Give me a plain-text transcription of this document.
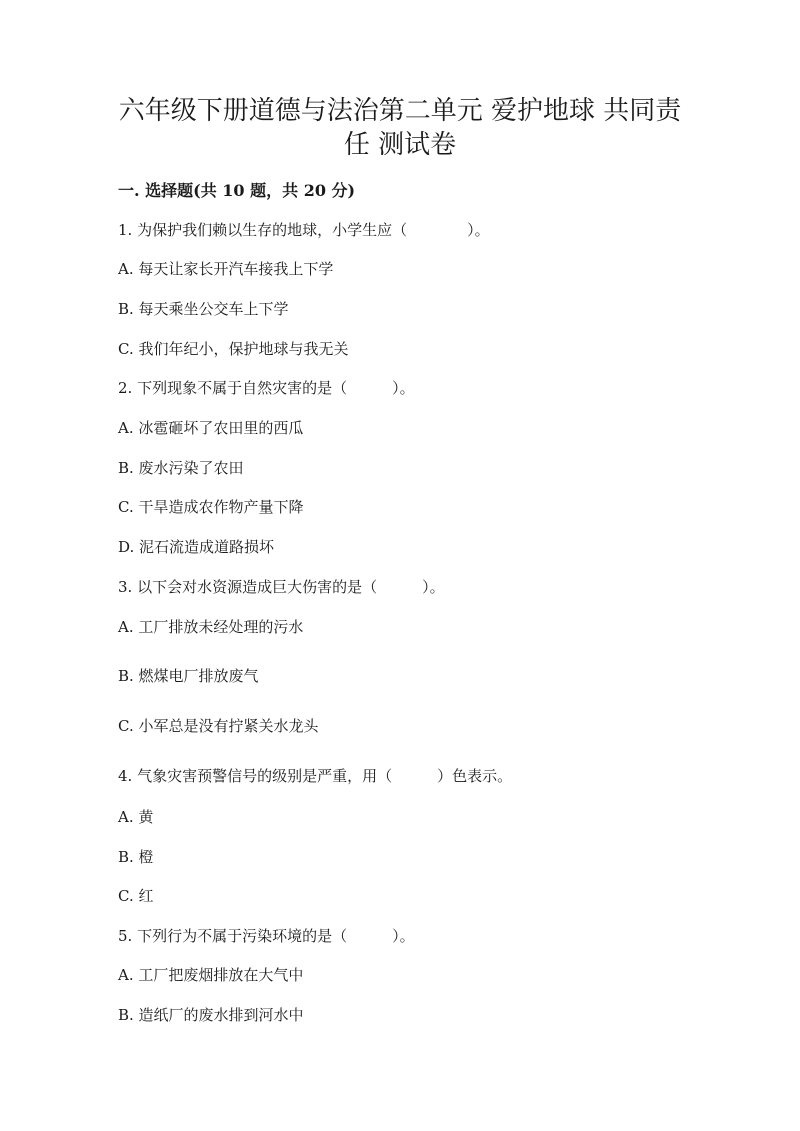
六年级下册道德与法治第二单元 爱护地球 共同责
任 测试卷
一. 选择题(共 10 题，共 20 分)
1. 为保护我们赖以生存的地球，小学生应（　　　　）。
A. 每天让家长开汽车接我上下学
B. 每天乘坐公交车上下学
C. 我们年纪小，保护地球与我无关
2. 下列现象不属于自然灾害的是（　　　）。
A. 冰雹砸坏了农田里的西瓜
B. 废水污染了农田
C. 干旱造成农作物产量下降
D. 泥石流造成道路损坏
3. 以下会对水资源造成巨大伤害的是（　　　）。
A. 工厂排放未经处理的污水
B. 燃煤电厂排放废气
C. 小军总是没有拧紧关水龙头
4. 气象灾害预警信号的级别是严重，用（　　　）色表示。
A. 黄
B. 橙
C. 红
5. 下列行为不属于污染环境的是（　　　）。
A. 工厂把废烟排放在大气中
B. 造纸厂的废水排到河水中
